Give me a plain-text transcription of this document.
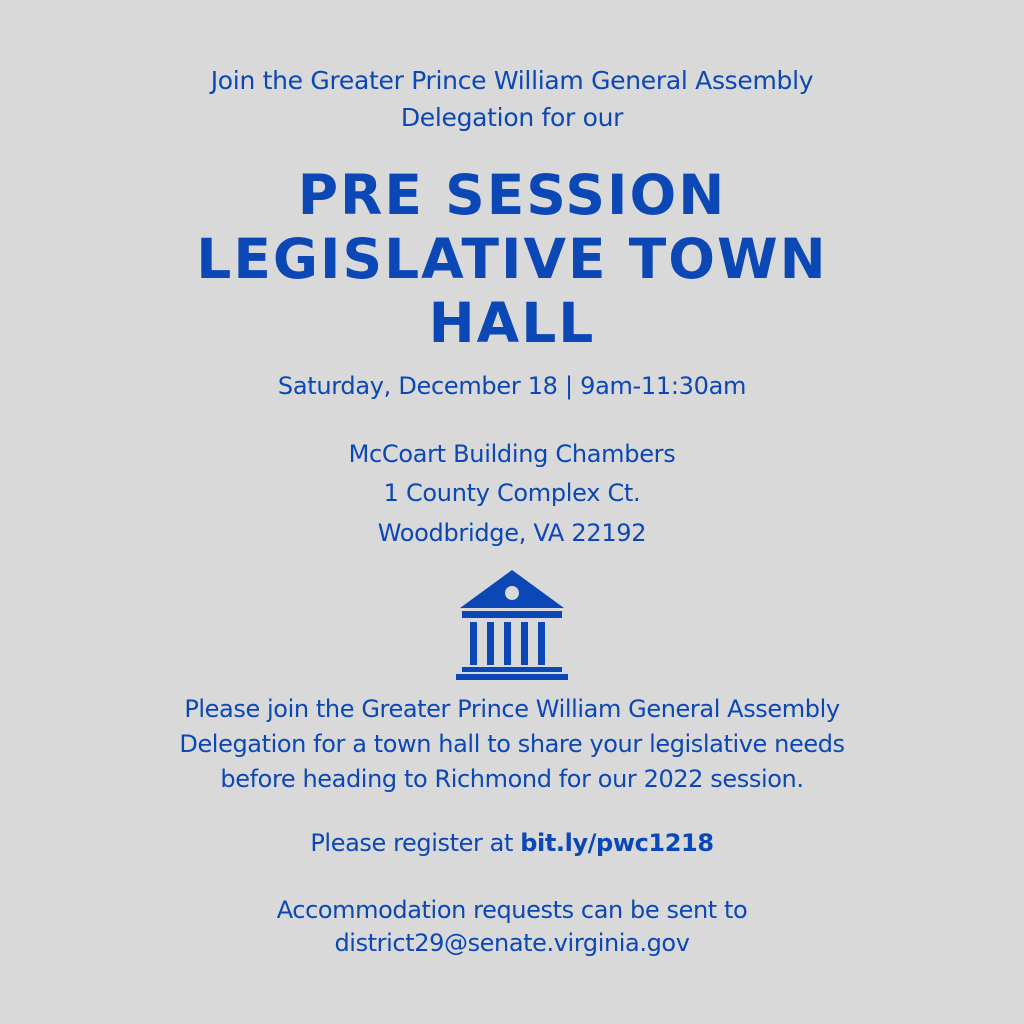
Join the Greater Prince William General Assembly

Delegation for our

PRE SESSION
LEGISLATIVE TOWN
HALL

Saturday, December 18 | 9am-11:30am

McCoart Building Chambers

1 County Complex Ct.

Woodbridge, VA 22192

Please join the Greater Prince William General Assembly

Delegation for a town hall to share your legislative needs

before heading to Richmond for our 2022 session.

Please register at bit.ly/pwc1218

Accommodation requests can be sent to

district29@senate.virginia.gov
